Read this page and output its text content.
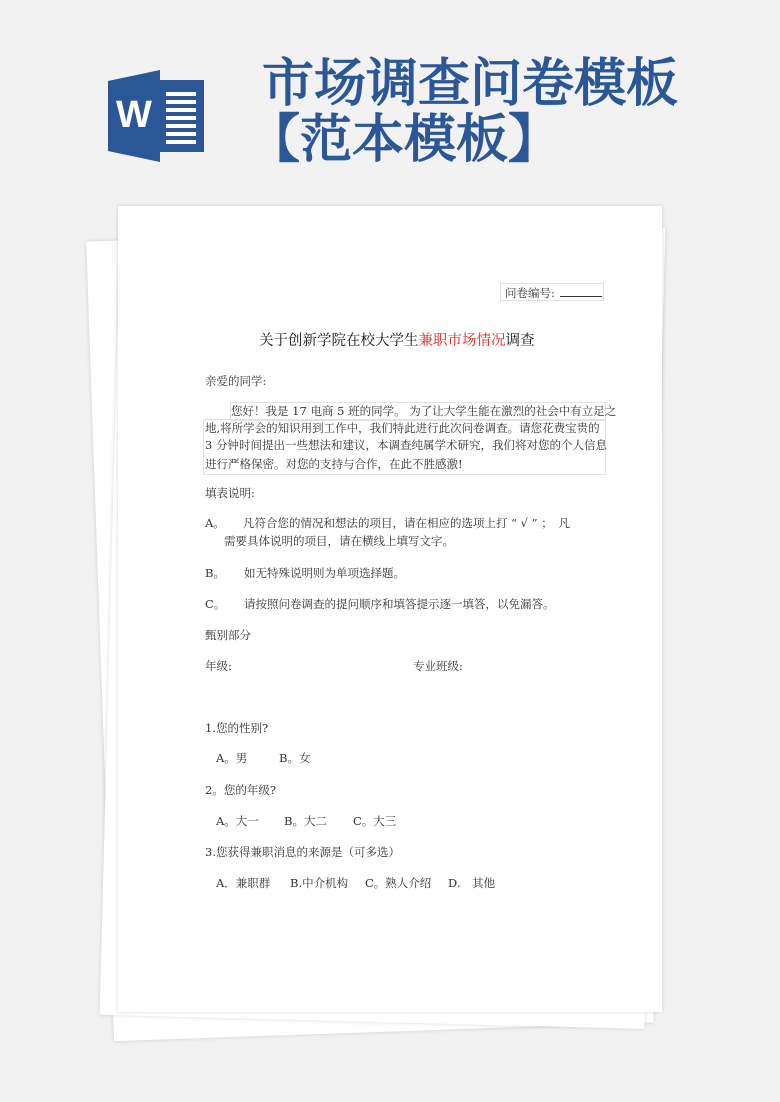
W
市场调查问卷模板
【范本模板】
问卷编号:
关于创新学院在校大学生兼职市场情况调查
亲爱的同学:
您好！我是 17 电商 5 班的同学。 为了让大学生能在激烈的社会中有立足之
地,将所学会的知识用到工作中，我们特此进行此次问卷调查。请您花费宝贵的
3 分钟时间提出一些想法和建议，本调查纯属学术研究，我们将对您的个人信息
进行严格保密。对您的支持与合作，在此不胜感激!
填表说明:
A。 凡符合您的情况和想法的项目，请在相应的选项上打 “ √ ” ；　凡
需要具体说明的项目，请在横线上填写文字。
B。 如无特殊说明则为单项选择题。
C。 请按照问卷调查的提问顺序和填答提示逐一填答，以免漏答。
甄别部分
年级:	专业班级:
1.您的性别?
A。男	B。女
2。您的年级?
A。大一 B。大二 C。大三
3.您获得兼职消息的来源是（可多选）
A．兼职群 B.中介机构 C。熟人介绍 D.　其他
